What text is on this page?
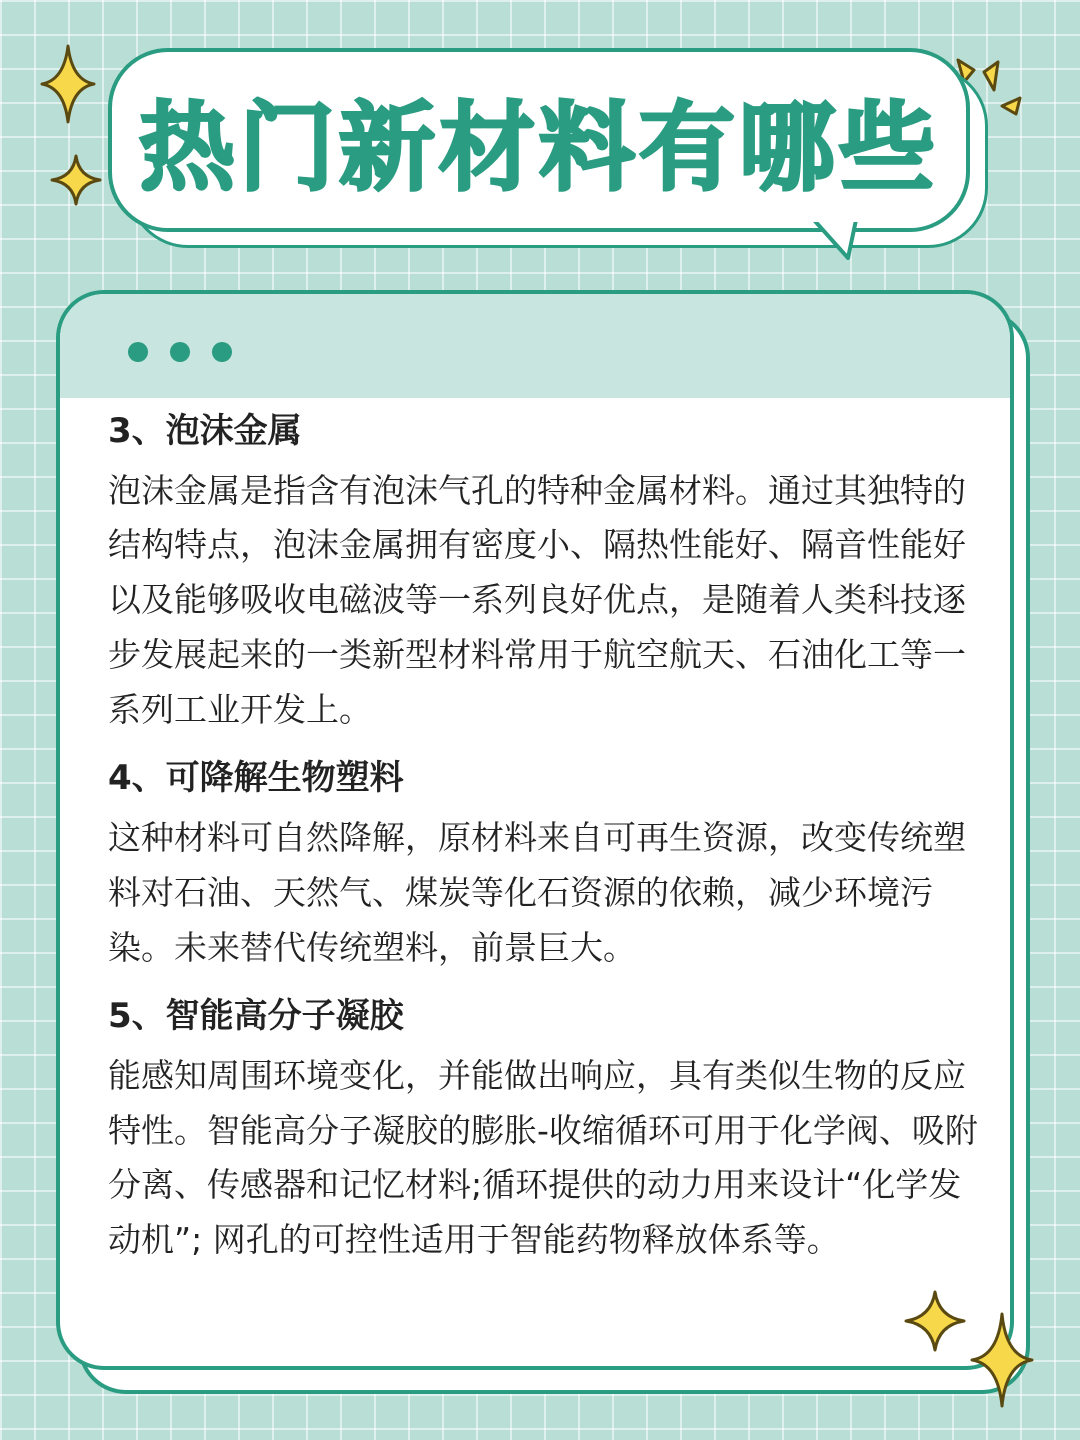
热门新材料有哪些
3、泡沫金属

泡沫金属是指含有泡沫气孔的特种金属材料。通过其独特的结构特点，泡沫金属拥有密度小、隔热性能好、隔音性能好以及能够吸收电磁波等一系列良好优点，是随着人类科技逐步发展起来的一类新型材料常用于航空航天、石油化工等一系列工业开发上。

4、可降解生物塑料

这种材料可自然降解，原材料来自可再生资源，改变传统塑料对石油、天然气、煤炭等化石资源的依赖，减少环境污染。未来替代传统塑料，前景巨大。

5、智能高分子凝胶

能感知周围环境变化，并能做出响应，具有类似生物的反应特性。智能高分子凝胶的膨胀-收缩循环可用于化学阀、吸附分离、传感器和记忆材料;循环提供的动力用来设计“化学发动机”; 网孔的可控性适用于智能药物释放体系等。
